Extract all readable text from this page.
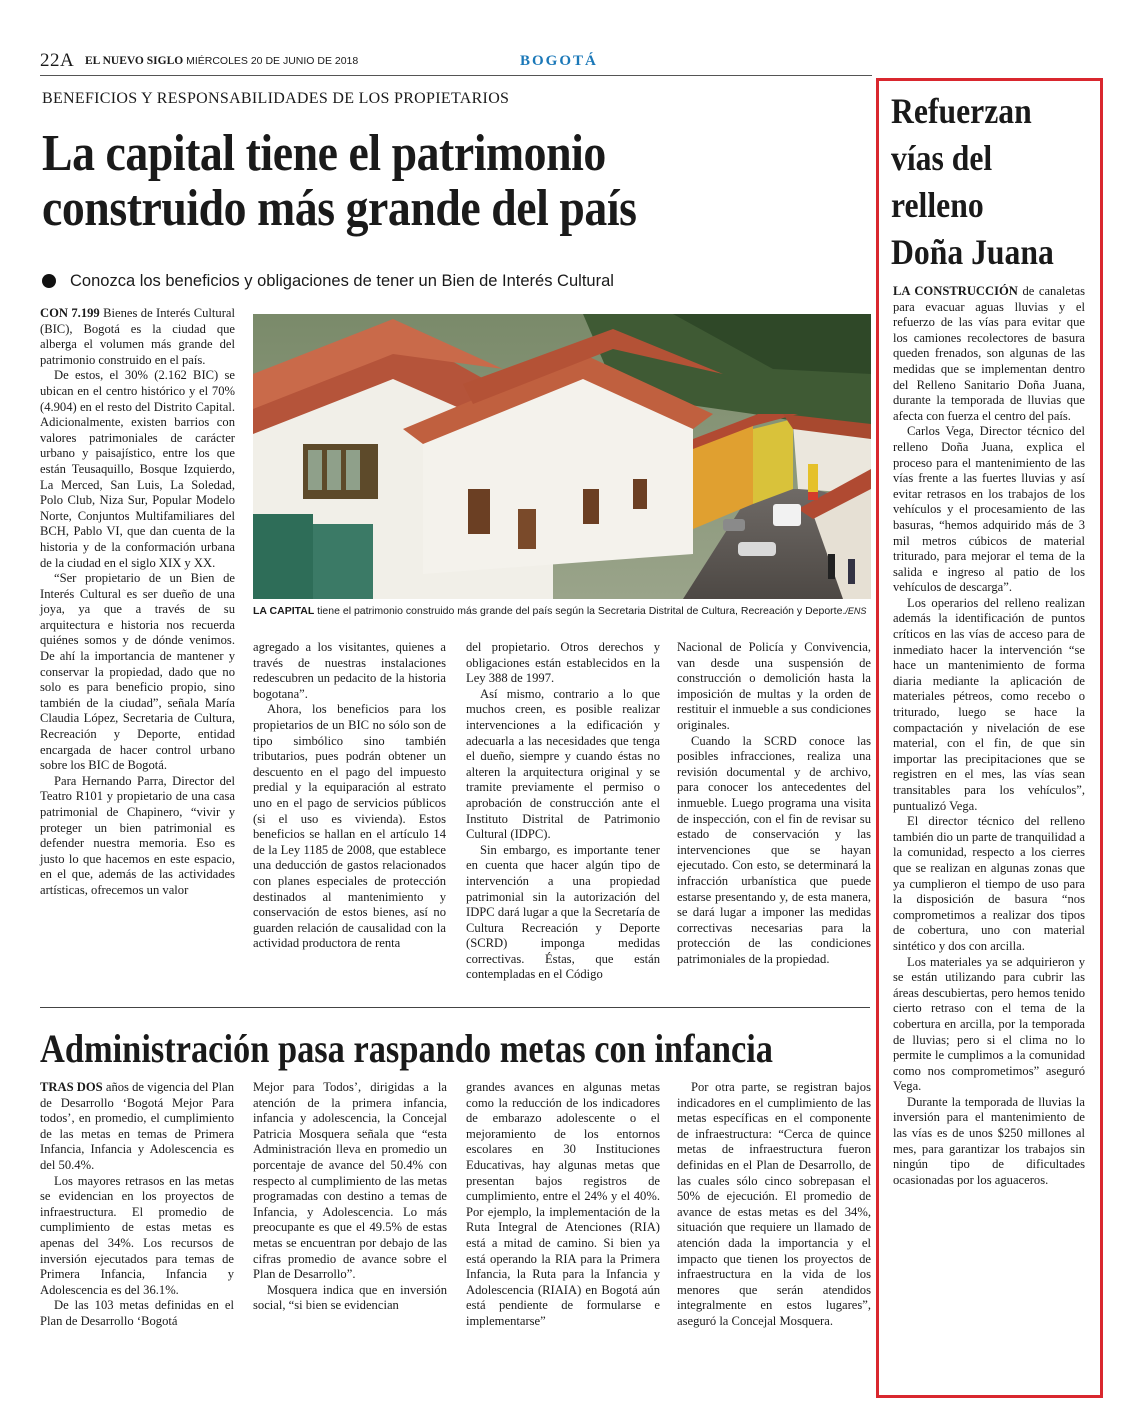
22A EL NUEVO SIGLO MIÉRCOLES 20 DE JUNIO DE 2018	BOGOTÁ
BENEFICIOS Y RESPONSABILIDADES DE LOS PROPIETARIOS
La capital tiene el patrimonio construido más grande del país
Conozca los beneficios y obligaciones de tener un Bien de Interés Cultural

CON 7.199 Bienes de Interés Cultural (BIC), Bogotá es la ciudad que alberga el volumen más grande del patrimonio construido en el país.

De estos, el 30% (2.162 BIC) se ubican en el centro histórico y el 70% (4.904) en el resto del Distrito Capital. Adicionalmente, existen barrios con valores patrimoniales de carácter urbano y paisajístico, entre los que están Teusaquillo, Bosque Izquierdo, La Merced, San Luis, La Soledad, Polo Club, Niza Sur, Popular Modelo Norte, Conjuntos Multifamiliares del BCH, Pablo VI, que dan cuenta de la historia y de la conformación urbana de la ciudad en el siglo XIX y XX.

“Ser propietario de un Bien de Interés Cultural es ser dueño de una joya, ya que a través de su arquitectura e historia nos recuerda quiénes somos y de dónde venimos. De ahí la importancia de mantener y conservar la propiedad, dado que no solo es para beneficio propio, sino también de la ciudad”, señala María Claudia López, Secretaria de Cultura, Recreación y Deporte, entidad encargada de hacer control urbano sobre los BIC de Bogotá.

Para Hernando Parra, Director del Teatro R101 y propietario de una casa patrimonial de Chapinero, “vivir y proteger un bien patrimonial es defender nuestra memoria. Eso es justo lo que hacemos en este espacio, en el que, además de las actividades artísticas, ofrecemos un valor

LA CAPITAL tiene el patrimonio construido más grande del país según la Secretaria Distrital de Cultura, Recreación y Deporte./ENS

agregado a los visitantes, quienes a través de nuestras instalaciones redescubren un pedacito de la historia bogotana”.

Ahora, los beneficios para los propietarios de un BIC no sólo son de tipo simbólico sino también tributarios, pues podrán obtener un descuento en el pago del impuesto predial y la equiparación al estrato uno en el pago de servicios públicos (si el uso es vivienda). Estos beneficios se hallan en el artículo 14 de la Ley 1185 de 2008, que establece una deducción de gastos relacionados con planes especiales de protección destinados al mantenimiento y conservación de estos bienes, así no guarden relación de causalidad con la actividad productora de renta

del propietario. Otros derechos y obligaciones están establecidos en la Ley 388 de 1997.

Así mismo, contrario a lo que muchos creen, es posible realizar intervenciones a la edificación y adecuarla a las necesidades que tenga el dueño, siempre y cuando éstas no alteren la arquitectura original y se tramite previamente el permiso o aprobación de construcción ante el Instituto Distrital de Patrimonio Cultural (IDPC).

Sin embargo, es importante tener en cuenta que hacer algún tipo de intervención a una propiedad patrimonial sin la autorización del IDPC dará lugar a que la Secretaría de Cultura Recreación y Deporte (SCRD) imponga medidas correctivas. Éstas, que están contempladas en el Código

Nacional de Policía y Convivencia, van desde una suspensión de construcción o demolición hasta la imposición de multas y la orden de restituir el inmueble a sus condiciones originales.

Cuando la SCRD conoce las posibles infracciones, realiza una revisión documental y de archivo, para conocer los antecedentes del inmueble. Luego programa una visita de inspección, con el fin de revisar su estado de conservación y las intervenciones que se hayan ejecutado. Con esto, se determinará la infracción urbanística que puede estarse presentando y, de esta manera, se dará lugar a imponer las medidas correctivas necesarias para la protección de las condiciones patrimoniales de la propiedad.

Administración pasa raspando metas con infancia

TRAS DOS años de vigencia del Plan de Desarrollo ‘Bogotá Mejor Para todos’, en promedio, el cumplimiento de las metas en temas de Primera Infancia, Infancia y Adolescencia es del 50.4%.

Los mayores retrasos en las metas se evidencian en los proyectos de infraestructura. El promedio de cumplimiento de estas metas es apenas del 34%. Los recursos de inversión ejecutados para temas de Primera Infancia, Infancia y Adolescencia es del 36.1%.

De las 103 metas definidas en el Plan de Desarrollo ‘Bogotá

Mejor para Todos’, dirigidas a la atención de la primera infancia, infancia y adolescencia, la Concejal Patricia Mosquera señala que “esta Administración lleva en promedio un porcentaje de avance del 50.4% con respecto al cumplimiento de las metas programadas con destino a temas de Infancia, y Adolescencia. Lo más preocupante es que el 49.5% de estas metas se encuentran por debajo de las cifras promedio de avance sobre el Plan de Desarrollo”.

Mosquera indica que en inversión social, “si bien se evidencian

grandes avances en algunas metas como la reducción de los indicadores de embarazo adolescente o el mejoramiento de los entornos escolares en 30 Instituciones Educativas, hay algunas metas que presentan bajos registros de cumplimiento, entre el 24% y el 40%. Por ejemplo, la implementación de la Ruta Integral de Atenciones (RIA) está a mitad de camino. Si bien ya está operando la RIA para la Primera Infancia, la Ruta para la Infancia y Adolescencia (RIAIA) en Bogotá aún está pendiente de formularse e implementarse”

Por otra parte, se registran bajos indicadores en el cumplimiento de las metas específicas en el componente de infraestructura: “Cerca de quince metas de infraestructura fueron definidas en el Plan de Desarrollo, de las cuales sólo cinco sobrepasan el 50% de ejecución. El promedio de avance de estas metas es del 34%, situación que requiere un llamado de atención dada la importancia y el impacto que tienen los proyectos de infraestructura en la vida de los menores que serán atendidos integralmente en estos lugares”, aseguró la Concejal Mosquera.

Refuerzan
vías del
relleno
Doña Juana

LA CONSTRUCCIÓN de canaletas para evacuar aguas lluvias y el refuerzo de las vías para evitar que los camiones recolectores de basura queden frenados, son algunas de las medidas que se implementan dentro del Relleno Sanitario Doña Juana, durante la temporada de lluvias que afecta con fuerza el centro del país.

Carlos Vega, Director técnico del relleno Doña Juana, explica el proceso para el mantenimiento de las vías frente a las fuertes lluvias y así evitar retrasos en los trabajos de los vehículos y el procesamiento de las basuras, “hemos adquirido más de 3 mil metros cúbicos de material triturado, para mejorar el tema de la salida e ingreso al patio de los vehículos de descarga”.

Los operarios del relleno realizan además la identificación de puntos críticos en las vías de acceso para de inmediato hacer la intervención “se hace un mantenimiento de forma diaria mediante la aplicación de materiales pétreos, como recebo o triturado, luego se hace la compactación y nivelación de ese material, con el fin, de que sin importar las precipitaciones que se registren en el mes, las vías sean transitables para los vehículos”, puntualizó Vega.

El director técnico del relleno también dio un parte de tranquilidad a la comunidad, respecto a los cierres que se realizan en algunas zonas que ya cumplieron el tiempo de uso para la disposición de basura “nos comprometimos a realizar dos tipos de cobertura, uno con material sintético y dos con arcilla.

Los materiales ya se adquirieron y se están utilizando para cubrir las áreas descubiertas, pero hemos tenido cierto retraso con el tema de la cobertura en arcilla, por la temporada de lluvias; pero si el clima no lo permite le cumplimos a la comunidad como nos comprometimos” aseguró Vega.

Durante la temporada de lluvias la inversión para el mantenimiento de las vías es de unos $250 millones al mes, para garantizar los trabajos sin ningún tipo de dificultades ocasionadas por los aguaceros.
